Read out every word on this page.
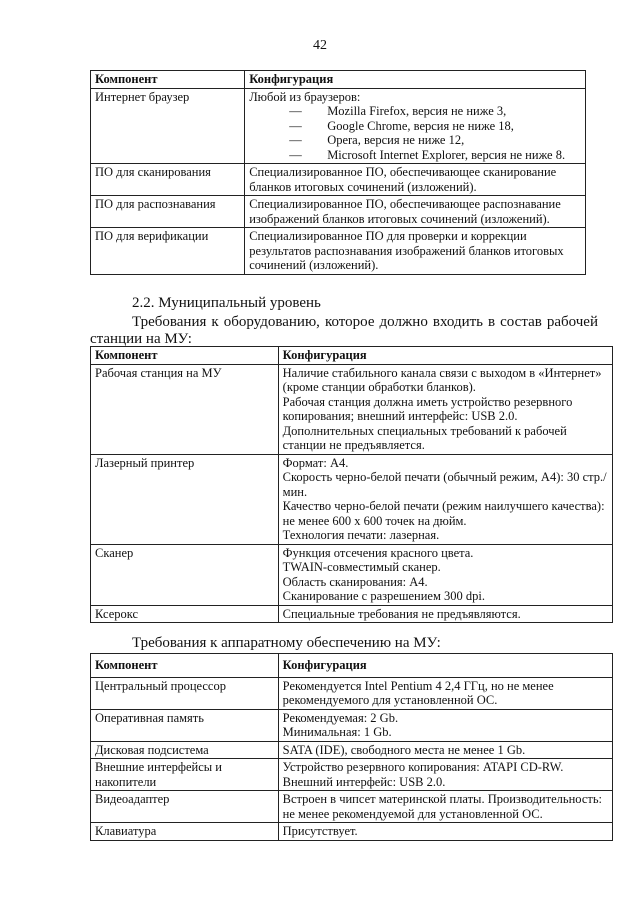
42
Компонент	Конфигурация
Интернет браузер	Любой из браузеров:
— Mozilla Firefox, версия не ниже 3,
— Google Chrome, версия не ниже 18,
— Opera, версия не ниже 12,
— Microsoft Internet Explorer, версия не ниже 8.

ПО для сканирования	Специализированное ПО, обеспечивающее сканирование бланков итоговых сочинений (изложений).
ПО для распознавания	Специализированное ПО, обеспечивающее распознавание изображений бланков итоговых сочинений (изложений).
ПО для верификации	Специализированное ПО для проверки и коррекции результатов распознавания изображений бланков итоговых сочинений (изложений).
2.2. Муниципальный уровень
Требования к оборудованию, которое должно входить в состав рабочей
станции на МУ:
Компонент	Конфигурация
Рабочая станция на МУ	Наличие стабильного канала связи с выходом в «Интернет» (кроме станции обработки бланков).
Рабочая станция должна иметь устройство резервного копирования; внешний интерфейс: USB 2.0.
Дополнительных специальных требований к рабочей станции не предъявляется.

Лазерный принтер	Формат: А4.
Скорость черно-белой печати (обычный режим, А4): 30 стр./мин.
Качество черно-белой печати (режим наилучшего качества): не менее 600 х 600 точек на дюйм.
Технология печати: лазерная.

Сканер	Функция отсечения красного цвета.
TWAIN-совместимый сканер.
Область сканирования: А4.
Сканирование с разрешением 300 dpi.

Ксерокс	Специальные требования не предъявляются.
Требования к аппаратному обеспечению на МУ:
Компонент	Конфигурация
Центральный процессор	Рекомендуется Intel Pentium 4 2,4 ГГц, но не менее рекомендуемого для установленной ОС.

Оперативная память	Рекомендуемая: 2 Gb.
Минимальная: 1 Gb.

Дисковая подсистема	SATA (IDE), свободного места не менее 1 Gb.

Внешние интерфейсы и накопители	Устройство резервного копирования: ATAPI CD-RW.
Внешний интерфейс: USB 2.0.

Видеоадаптер	Встроен в чипсет материнской платы. Производительность: не менее рекомендуемой для установленной ОС.

Клавиатура	Присутствует.
